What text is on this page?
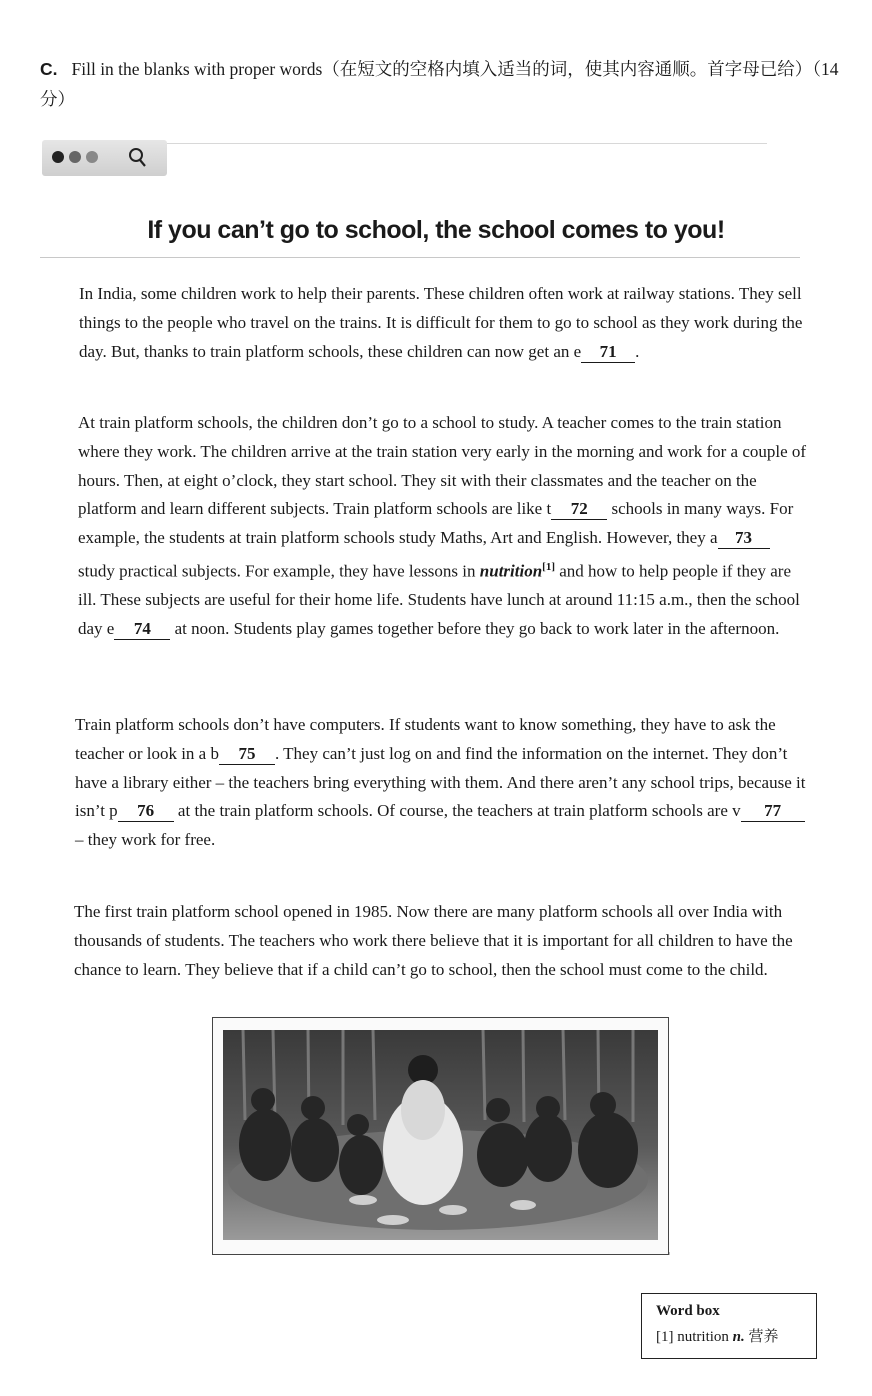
C. Fill in the blanks with proper words（在短文的空格内填入适当的词，使其内容通顺。首字母已给）（14分）
If you can’t go to school, the school comes to you!

In India, some children work to help their parents. These children often work at railway stations. They sell things to the people who travel on the trains. It is difficult for them to go to school as they work during the day. But, thanks to train platform schools, these children can now get an e 71 .

At train platform schools, the children don’t go to a school to study. A teacher comes to the train station where they work. The children arrive at the train station very early in the morning and work for a couple of hours. Then, at eight o’clock, they start school. They sit with their classmates and the teacher on the platform and learn different subjects. Train platform schools are like t 72 schools in many ways. For example, the students at train platform schools study Maths, Art and English. However, they a 73 study practical subjects. For example, they have lessons in nutrition[1] and how to help people if they are ill. These subjects are useful for their home life. Students have lunch at around 11:15 a.m., then the school day e 74 at noon. Students play games together before they go back to work later in the afternoon.

Train platform schools don’t have computers. If students want to know something, they have to ask the teacher or look in a b 75 . They can’t just log on and find the information on the internet. They don’t have a library either – the teachers bring everything with them. And there aren’t any school trips, because it isn’t p 76 at the train platform schools. Of course, the teachers at train platform schools are v 77 – they work for free.

The first train platform school opened in 1985. Now there are many platform schools all over India with thousands of students. The teachers who work there believe that it is important for all children to have the chance to learn. They believe that if a child can’t go to school, then the school must come to the child.

Word box
[1] nutrition n. 营养
